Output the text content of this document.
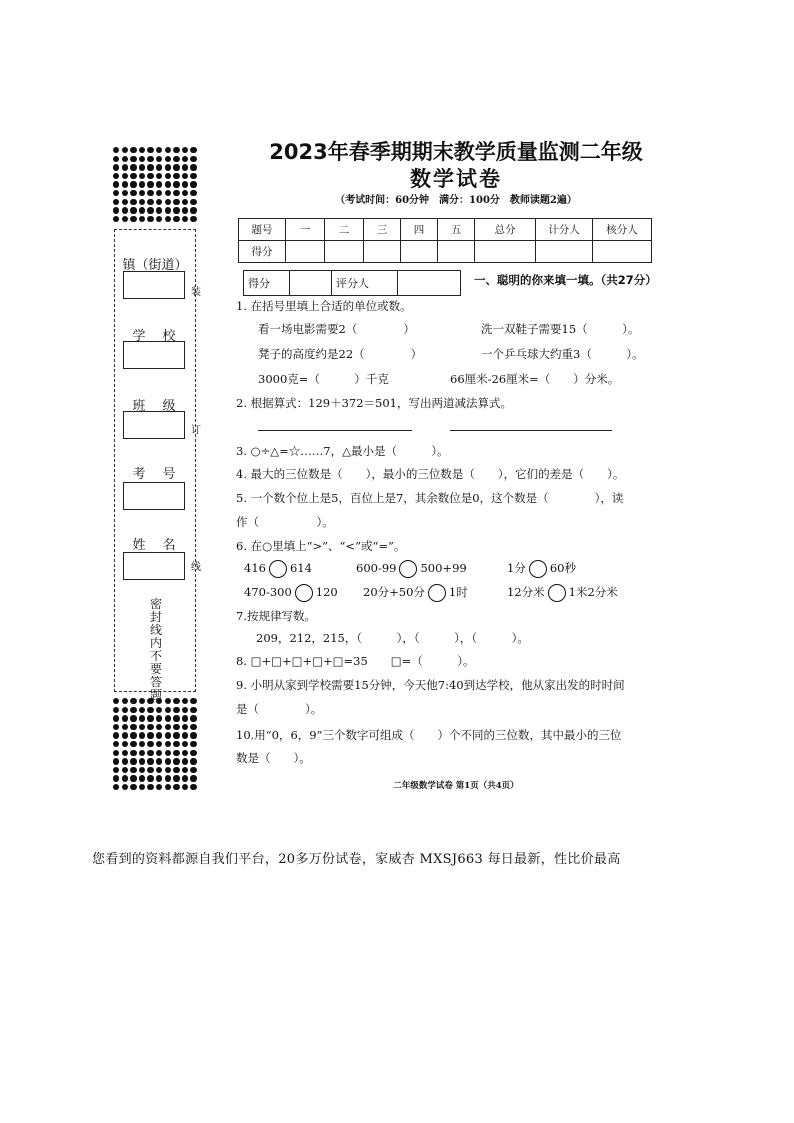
镇（街道）
学　校
班　级
考　号
姓　名
装
订
线
密封线内不要答题
2023年春季期期末教学质量监测二年级
数学试卷
（考试时间：60分钟　满分：100分　教师读题2遍）
题号	一	二	三	四	五	总分	计分人	核分人
得分								
得分	评分人	一、聪明的你来填一填。（共27分）
1. 在括号里填上合适的单位或数。
看一场电影需要2（　　　　）	洗一双鞋子需要15（　　　）。
凳子的高度约是22（　　　　）	一个乒乓球大约重3（　　　）。
3000克=（　　　）千克	66厘米-26厘米=（　　）分米。
2. 根据算式：129＋372＝501，写出两道减法算式。
3. ○÷△=☆……7，△最小是（　　　）。
4. 最大的三位数是（　　），最小的三位数是（　　），它们的差是（　　）。
5. 一个数个位上是5，百位上是7，其余数位是0，这个数是（　　　　），读
作（　　　　　）。
6. 在○里填上“>”、“<”或“=”。
416 614	600-99 500+99	1分 60秒
470-300 120 20分+50分 1时	12分米 1米2分米
7.按规律写数。
209，212，215，（　　　），（　　　），（　　　）。
8. □+□+□+□+□=35　　□=（　　　）。
9. 小明从家到学校需要15分钟，今天他7:40到达学校，他从家出发的时时间
是（　　　　）。
10.用“0，6，9”三个数字可组成（　　）个不同的三位数，其中最小的三位
数是（　　）。
二年级数学试卷 第1页（共4页）
您看到的资料都源自我们平台，20多万份试卷，家威杏 MXSJ663 每日最新，性比价最高
